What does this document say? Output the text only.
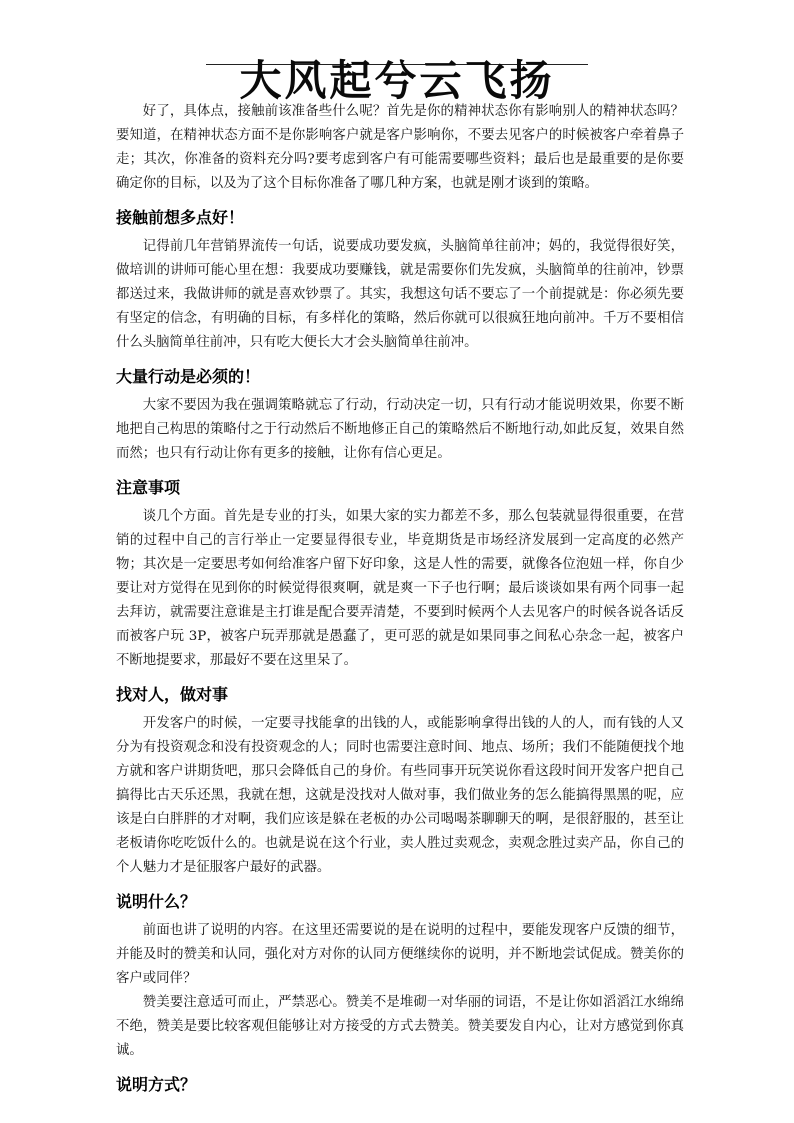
大风起兮云飞扬

好了，具体点，接触前该准备些什么呢？首先是你的精神状态你有影响别人的精神状态吗？要知道，在精神状态方面不是你影响客户就是客户影响你，不要去见客户的时候被客户牵着鼻子走；其次，你准备的资料充分吗?要考虑到客户有可能需要哪些资料；最后也是最重要的是你要确定你的目标，以及为了这个目标你准备了哪几种方案，也就是刚才谈到的策略。

接触前想多点好！

记得前几年营销界流传一句话，说要成功要发疯，头脑简单往前冲；妈的，我觉得很好笑，做培训的讲师可能心里在想：我要成功要赚钱，就是需要你们先发疯，头脑简单的往前冲，钞票都送过来，我做讲师的就是喜欢钞票了。其实，我想这句话不要忘了一个前提就是：你必须先要有坚定的信念，有明确的目标，有多样化的策略，然后你就可以很疯狂地向前冲。千万不要相信什么头脑简单往前冲，只有吃大便长大才会头脑简单往前冲。

大量行动是必须的！

大家不要因为我在强调策略就忘了行动，行动决定一切，只有行动才能说明效果，你要不断地把自己构思的策略付之于行动然后不断地修正自己的策略然后不断地行动,如此反复，效果自然而然；也只有行动让你有更多的接触，让你有信心更足。

注意事项

谈几个方面。首先是专业的打头，如果大家的实力都差不多，那么包装就显得很重要，在营销的过程中自己的言行举止一定要显得很专业，毕竟期货是市场经济发展到一定高度的必然产物；其次是一定要思考如何给准客户留下好印象，这是人性的需要，就像各位泡妞一样，你自少要让对方觉得在见到你的时候觉得很爽啊，就是爽一下子也行啊；最后谈谈如果有两个同事一起去拜访，就需要注意谁是主打谁是配合要弄清楚，不要到时候两个人去见客户的时候各说各话反而被客户玩 3P，被客户玩弄那就是愚蠢了，更可恶的就是如果同事之间私心杂念一起，被客户不断地提要求，那最好不要在这里呆了。

找对人，做对事

开发客户的时候，一定要寻找能拿的出钱的人，或能影响拿得出钱的人的人，而有钱的人又分为有投资观念和没有投资观念的人；同时也需要注意时间、地点、场所；我们不能随便找个地方就和客户讲期货吧，那只会降低自己的身价。有些同事开玩笑说你看这段时间开发客户把自己搞得比古天乐还黑，我就在想，这就是没找对人做对事，我们做业务的怎么能搞得黑黑的呢，应该是白白胖胖的才对啊，我们应该是躲在老板的办公司喝喝茶聊聊天的啊，是很舒服的，甚至让老板请你吃吃饭什么的。也就是说在这个行业，卖人胜过卖观念，卖观念胜过卖产品，你自己的个人魅力才是征服客户最好的武器。

说明什么？

前面也讲了说明的内容。在这里还需要说的是在说明的过程中，要能发现客户反馈的细节，并能及时的赞美和认同，强化对方对你的认同方便继续你的说明，并不断地尝试促成。赞美你的客户或同伴？

赞美要注意适可而止，严禁恶心。赞美不是堆砌一对华丽的词语，不是让你如滔滔江水绵绵不绝，赞美是要比较客观但能够让对方接受的方式去赞美。赞美要发自内心，让对方感觉到你真诚。

说明方式？
